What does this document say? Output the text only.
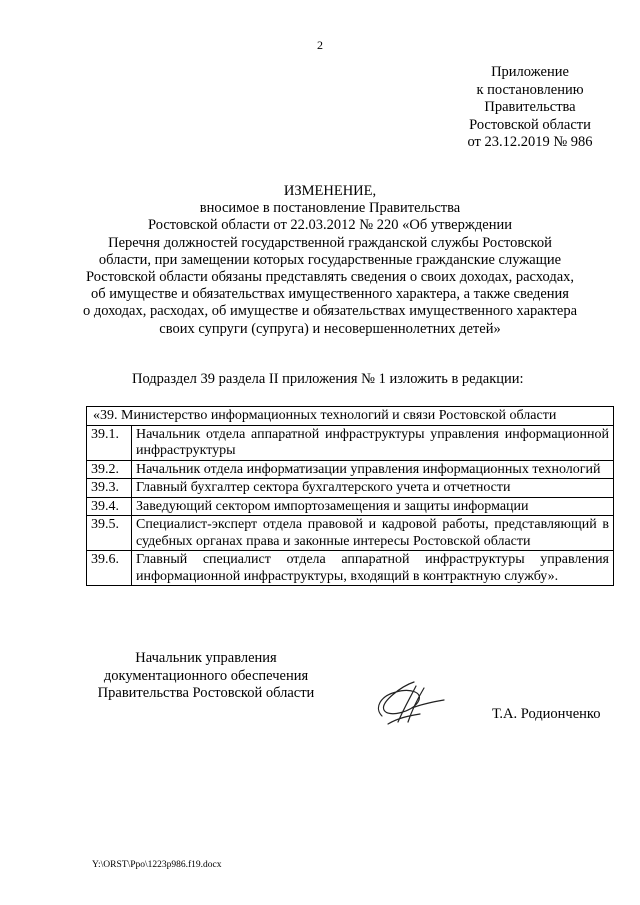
2
Приложение
к постановлению
Правительства
Ростовской области
от 23.12.2019 № 986
ИЗМЕНЕНИЕ,
вносимое в постановление Правительства
Ростовской области от 22.03.2012 № 220 «Об утверждении
Перечня должностей государственной гражданской службы Ростовской
области, при замещении которых государственные гражданские служащие
Ростовской области обязаны представлять сведения о своих доходах, расходах,
об имуществе и обязательствах имущественного характера, а также сведения
о доходах, расходах, об имуществе и обязательствах имущественного характера
своих супруги (супруга) и несовершеннолетних детей»
Подраздел 39 раздела II приложения № 1 изложить в редакции:
«39. Министерство информационных технологий и связи Ростовской области	
39.1.	Начальник отдела аппаратной инфраструктуры управления информационной инфраструктуры
39.2.	Начальник отдела информатизации управления информационных технологий
39.3.	Главный бухгалтер сектора бухгалтерского учета и отчетности
39.4.	Заведующий сектором импортозамещения и защиты информации
39.5.	Специалист-эксперт отдела правовой и кадровой работы, представляющий в судебных органах права и законные интересы Ростовской области
39.6.	Главный специалист отдела аппаратной инфраструктуры управления информационной инфраструктуры, входящий в контрактную службу».
Начальник управления
документационного обеспечения
Правительства Ростовской области
Т.А. Родионченко
Y:\ORST\Ppo\1223p986.f19.docx
